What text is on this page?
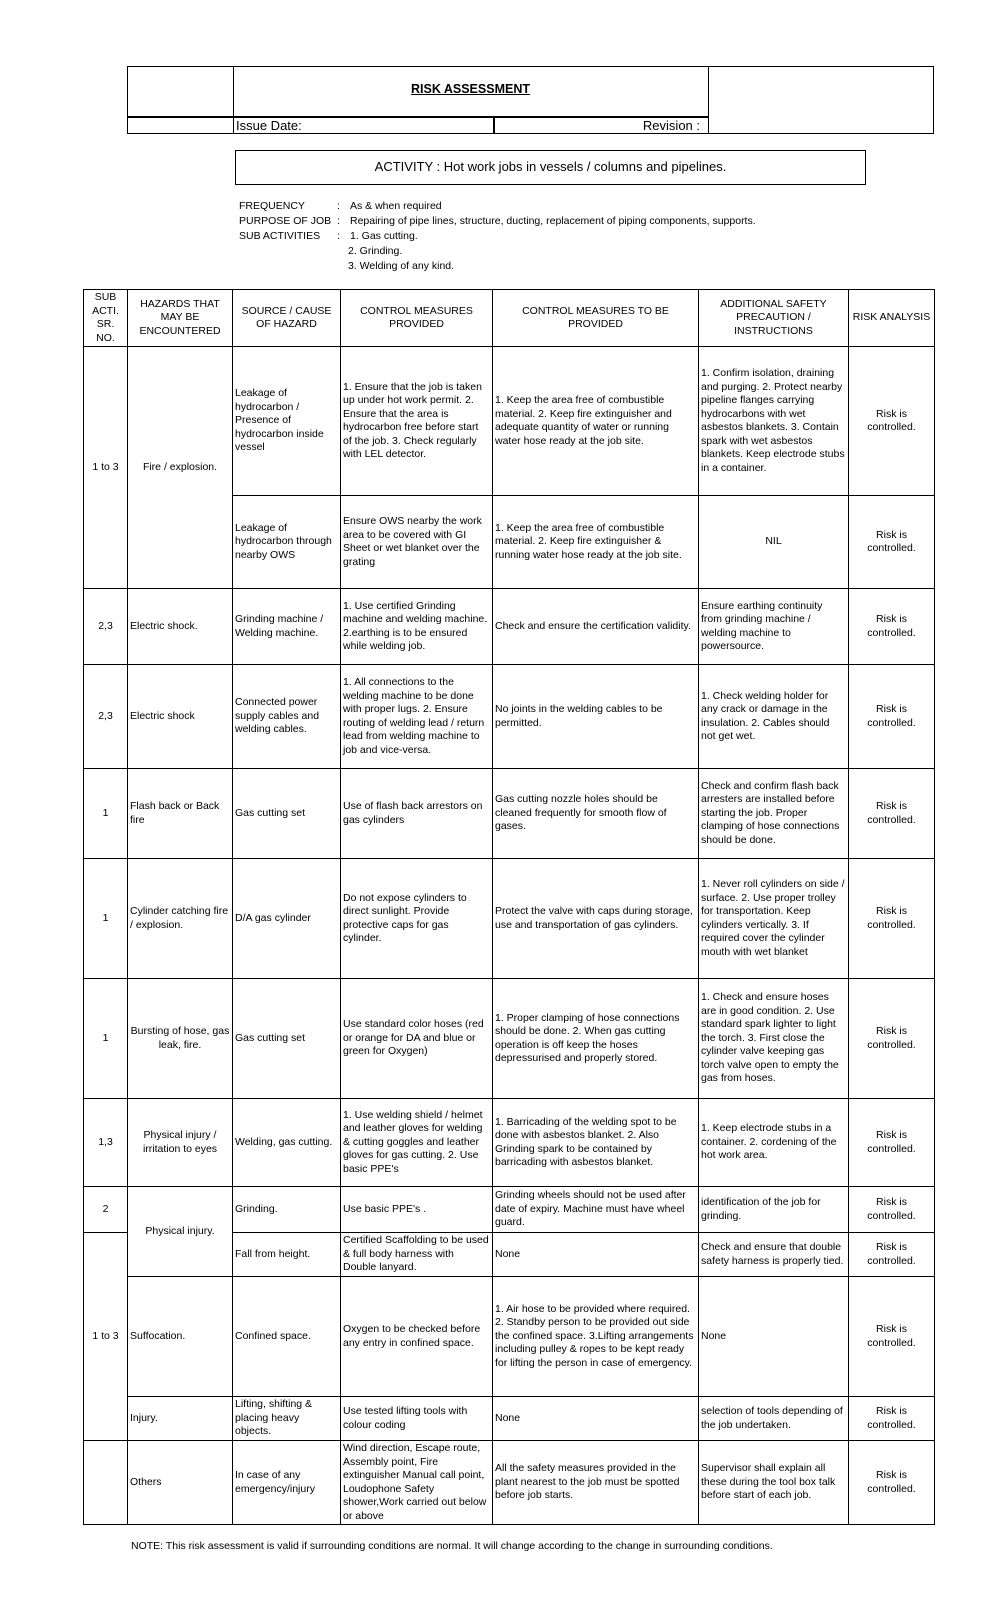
RISK ASSESSMENT
Issue Date:	Revision :
ACTIVITY : Hot work jobs in vessels / columns and pipelines.
FREQUENCY	: As & when required
PURPOSE OF JOB : Repairing of pipe lines, structure, ducting, replacement of piping components, supports.
SUB ACTIVITIES	: 1. Gas cutting.
2. Grinding.
3. Welding of any kind.
SUB ACTI. SR. NO.	HAZARDS THAT MAY BE ENCOUNTERED	SOURCE / CAUSE OF HAZARD	CONTROL MEASURES PROVIDED	CONTROL MEASURES TO BE PROVIDED	ADDITIONAL SAFETY PRECAUTION / INSTRUCTIONS	RISK ANALYSIS
1 to 3	Fire / explosion.	Leakage of hydrocarbon / Presence of hydrocarbon inside vessel	1. Ensure that the job is taken up under hot work permit. 2. Ensure that the area is hydrocarbon free before start of the job. 3. Check regularly with LEL detector.	1. Keep the area free of combustible material. 2. Keep fire extinguisher and adequate quantity of water or running water hose ready at the job site.	1. Confirm isolation, draining and purging. 2. Protect nearby pipeline flanges carrying hydrocarbons with wet asbestos blankets. 3. Contain spark with wet asbestos blankets. Keep electrode stubs in a container.	Risk is controlled.
		Leakage of hydrocarbon through nearby OWS	Ensure OWS nearby the work area to be covered with GI Sheet or wet blanket over the grating	1. Keep the area free of combustible material. 2. Keep fire extinguisher & running water hose ready at the job site.	NIL	Risk is controlled.
2,3	Electric shock.	Grinding machine / Welding machine.	1. Use certified Grinding machine and welding machine. 2.earthing is to be ensured while welding job.	Check and ensure the certification validity.	Ensure earthing continuity from grinding machine / welding machine to powersource.	Risk is controlled.
2,3	Electric shock	Connected power supply cables and welding cables.	1. All connections to the welding machine to be done with proper lugs. 2. Ensure routing of welding lead / return lead from welding machine to job and vice-versa.	No joints in the welding cables to be permitted.	1. Check welding holder for any crack or damage in the insulation. 2. Cables should not get wet.	Risk is controlled.
1	Flash back or Back fire	Gas cutting set	Use of flash back arrestors on gas cylinders	Gas cutting nozzle holes should be cleaned frequently for smooth flow of gases.	Check and confirm flash back arresters are installed before starting the job. Proper clamping of hose connections should be done.	Risk is controlled.
1	Cylinder catching fire / explosion.	D/A gas cylinder	Do not expose cylinders to direct sunlight. Provide protective caps for gas cylinder.	Protect the valve with caps during storage, use and transportation of gas cylinders.	1. Never roll cylinders on side / surface. 2. Use proper trolley for transportation. Keep cylinders vertically. 3. If required cover the cylinder mouth with wet blanket	Risk is controlled.
1	Bursting of hose, gas leak, fire.	Gas cutting set	Use standard color hoses (red or orange for DA and blue or green for Oxygen)	1. Proper clamping of hose connections should be done. 2. When gas cutting operation is off keep the hoses depressurised and properly stored.	1. Check and ensure hoses are in good condition. 2. Use standard spark lighter to light the torch. 3. First close the cylinder valve keeping gas torch valve open to empty the gas from hoses.	Risk is controlled.
1,3	Physical injury / irritation to eyes	Welding, gas cutting.	1. Use welding shield / helmet and leather gloves for welding & cutting goggles and leather gloves for gas cutting. 2. Use basic PPE's	1. Barricading of the welding spot to be done with asbestos blanket. 2. Also Grinding spark to be contained by barricading with asbestos blanket.	1. Keep electrode stubs in a container. 2. cordening of the hot work area.	Risk is controlled.
2	Physical injury.	Grinding.	Use basic PPE's .	Grinding wheels should not be used after date of expiry. Machine must have wheel guard.	identification of the job for grinding.	Risk is controlled.
1 to 3		Fall from height.	Certified Scaffolding to be used & full body harness with Double lanyard.	None	Check and ensure that double safety harness is properly tied.	Risk is controlled.
	Suffocation.	Confined space.	Oxygen to be checked before any entry in confined space.	1. Air hose to be provided where required. 2. Standby person to be provided out side the confined space. 3.Lifting arrangements including pulley & ropes to be kept ready for lifting the person in case of emergency.	None	Risk is controlled.
	Injury.	Lifting, shifting & placing heavy objects.	Use tested lifting tools with colour coding	None	selection of tools depending of the job undertaken.	Risk is controlled.
	Others	In case of any emergency/injury	Wind direction, Escape route, Assembly point, Fire extinguisher Manual call point, Loudophone Safety shower,Work carried out below or above	All the safety measures provided in the plant nearest to the job must be spotted before job starts.	Supervisor shall explain all these during the tool box talk before start of each job.	Risk is controlled.
NOTE: This risk assessment is valid if surrounding conditions are normal. It will change according to the change in surrounding conditions.
